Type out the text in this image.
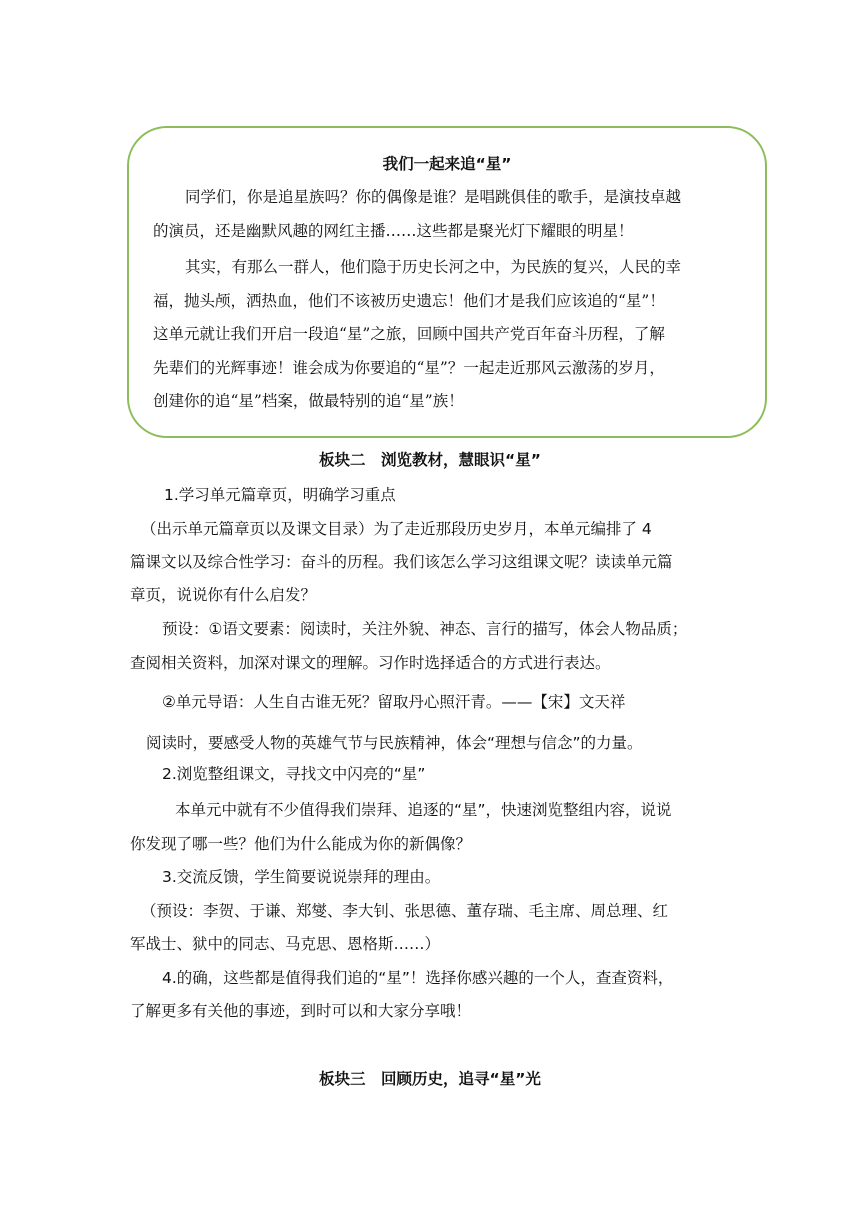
我们一起来追“星”
同学们，你是追星族吗？你的偶像是谁？是唱跳俱佳的歌手，是演技卓越
的演员，还是幽默风趣的网红主播……这些都是聚光灯下耀眼的明星！
其实，有那么一群人，他们隐于历史长河之中，为民族的复兴，人民的幸
福，抛头颅，洒热血，他们不该被历史遗忘！他们才是我们应该追的“星”！
这单元就让我们开启一段追“星”之旅，回顾中国共产党百年奋斗历程，了解
先辈们的光辉事迹！谁会成为你要追的“星”？一起走近那风云激荡的岁月，
创建你的追“星”档案，做最特别的追“星”族！
板块二　浏览教材，慧眼识“星”
1.学习单元篇章页，明确学习重点
（出示单元篇章页以及课文目录）为了走近那段历史岁月，本单元编排了 4
篇课文以及综合性学习：奋斗的历程。我们该怎么学习这组课文呢？读读单元篇
章页，说说你有什么启发？
预设：①语文要素：阅读时，关注外貌、神态、言行的描写，体会人物品质；
查阅相关资料，加深对课文的理解。习作时选择适合的方式进行表达。
②单元导语：人生自古谁无死？留取丹心照汗青。——【宋】文天祥
阅读时，要感受人物的英雄气节与民族精神，体会“理想与信念”的力量。
2.浏览整组课文，寻找文中闪亮的“星”
本单元中就有不少值得我们崇拜、追逐的“星”，快速浏览整组内容，说说
你发现了哪一些？他们为什么能成为你的新偶像？
3.交流反馈，学生简要说说崇拜的理由。
（预设：李贺、于谦、郑燮、李大钊、张思德、董存瑞、毛主席、周总理、红
军战士、狱中的同志、马克思、恩格斯……）
4.的确，这些都是值得我们追的“星”！选择你感兴趣的一个人，查查资料，
了解更多有关他的事迹，到时可以和大家分享哦！
板块三　回顾历史，追寻“星”光
